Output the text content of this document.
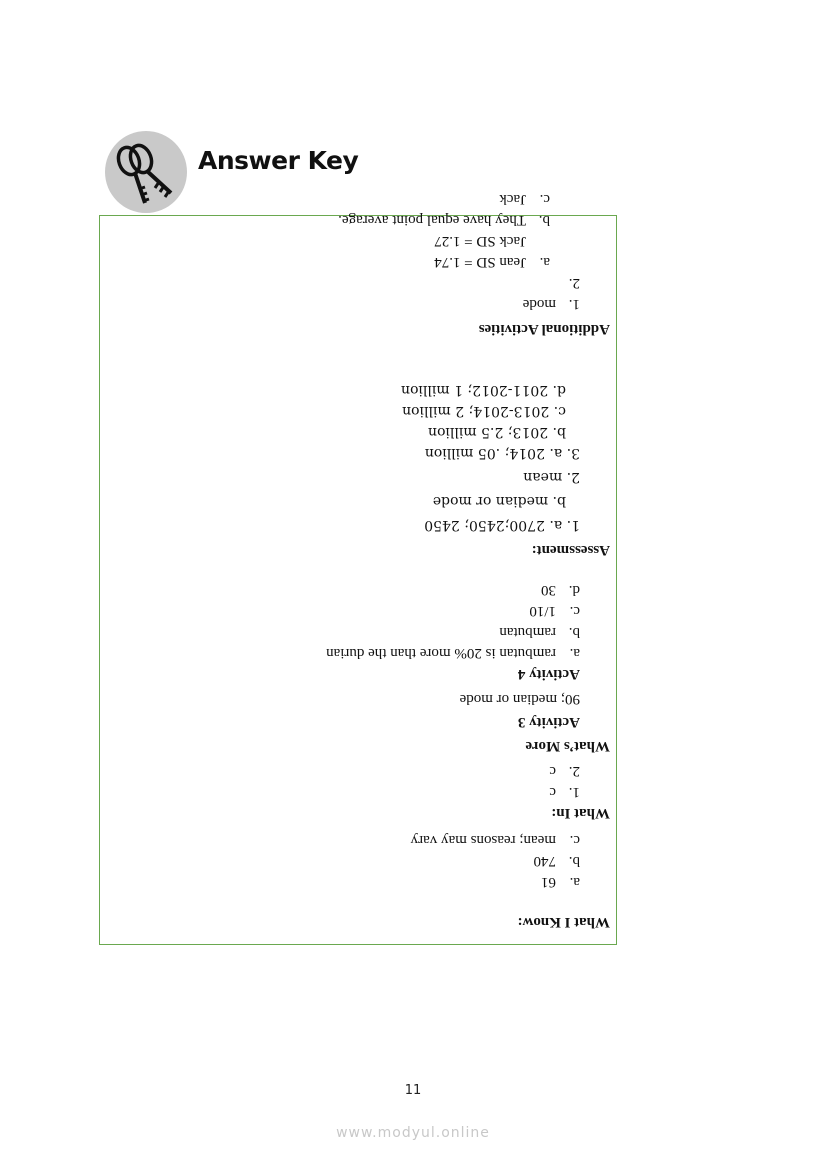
Answer Key

What I Know:

a.
61
b.
740
c.
mean; reasons may vary

What In:

1.
c
2.
c

What’s More

Activity 3

90; median or mode

Activity 4

a.
rambutan is 20% more than the durian
b.
rambutan
c.
1/10
d.
30

Assessment:

1. a. 2700;2450; 2450

b. median or mode

2. mean

3. a. 2014; .05 million

b. 2013; 2.5 million

c. 2013-2014; 2 million

d. 2011-2012; 1 million

Additional Activities

1.
mode
2.
a.
Jean SD = 1.74
Jack SD = 1.27
b.
They have equal point average.
c.
Jack
11
www.modyul.online
